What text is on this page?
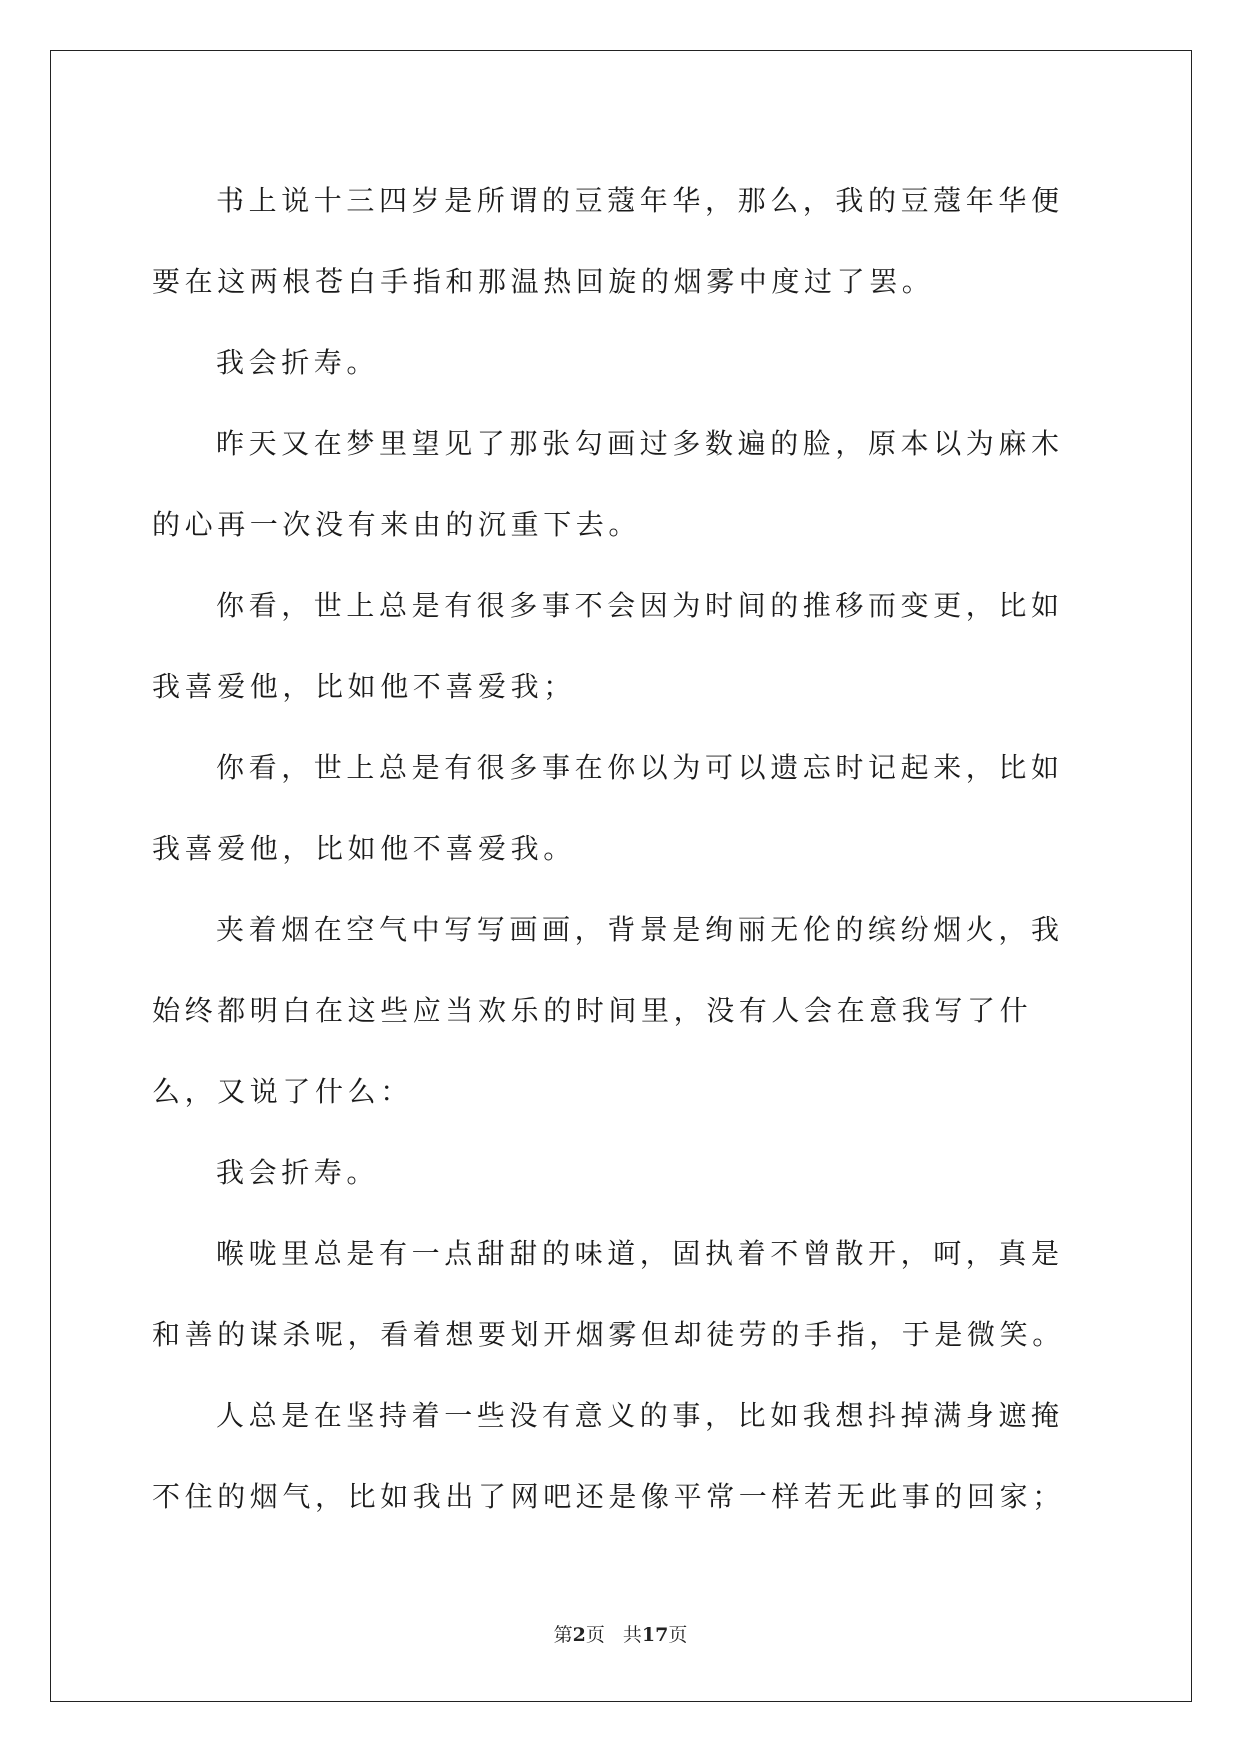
书上说十三四岁是所谓的豆蔻年华，那么，我的豆蔻年华便要在这两根苍白手指和那温热回旋的烟雾中度过了罢。

我会折寿。

昨天又在梦里望见了那张勾画过多数遍的脸，原本以为麻木的心再一次没有来由的沉重下去。

你看，世上总是有很多事不会因为时间的推移而变更，比如我喜爱他，比如他不喜爱我；

你看，世上总是有很多事在你以为可以遗忘时记起来，比如我喜爱他，比如他不喜爱我。

夹着烟在空气中写写画画，背景是绚丽无伦的缤纷烟火，我始终都明白在这些应当欢乐的时间里，没有人会在意我写了什么，又说了什么：

我会折寿。

喉咙里总是有一点甜甜的味道，固执着不曾散开，呵，真是和善的谋杀呢，看着想要划开烟雾但却徒劳的手指，于是微笑。

人总是在坚持着一些没有意义的事，比如我想抖掉满身遮掩不住的烟气，比如我出了网吧还是像平常一样若无此事的回家；

第2页 共17页
